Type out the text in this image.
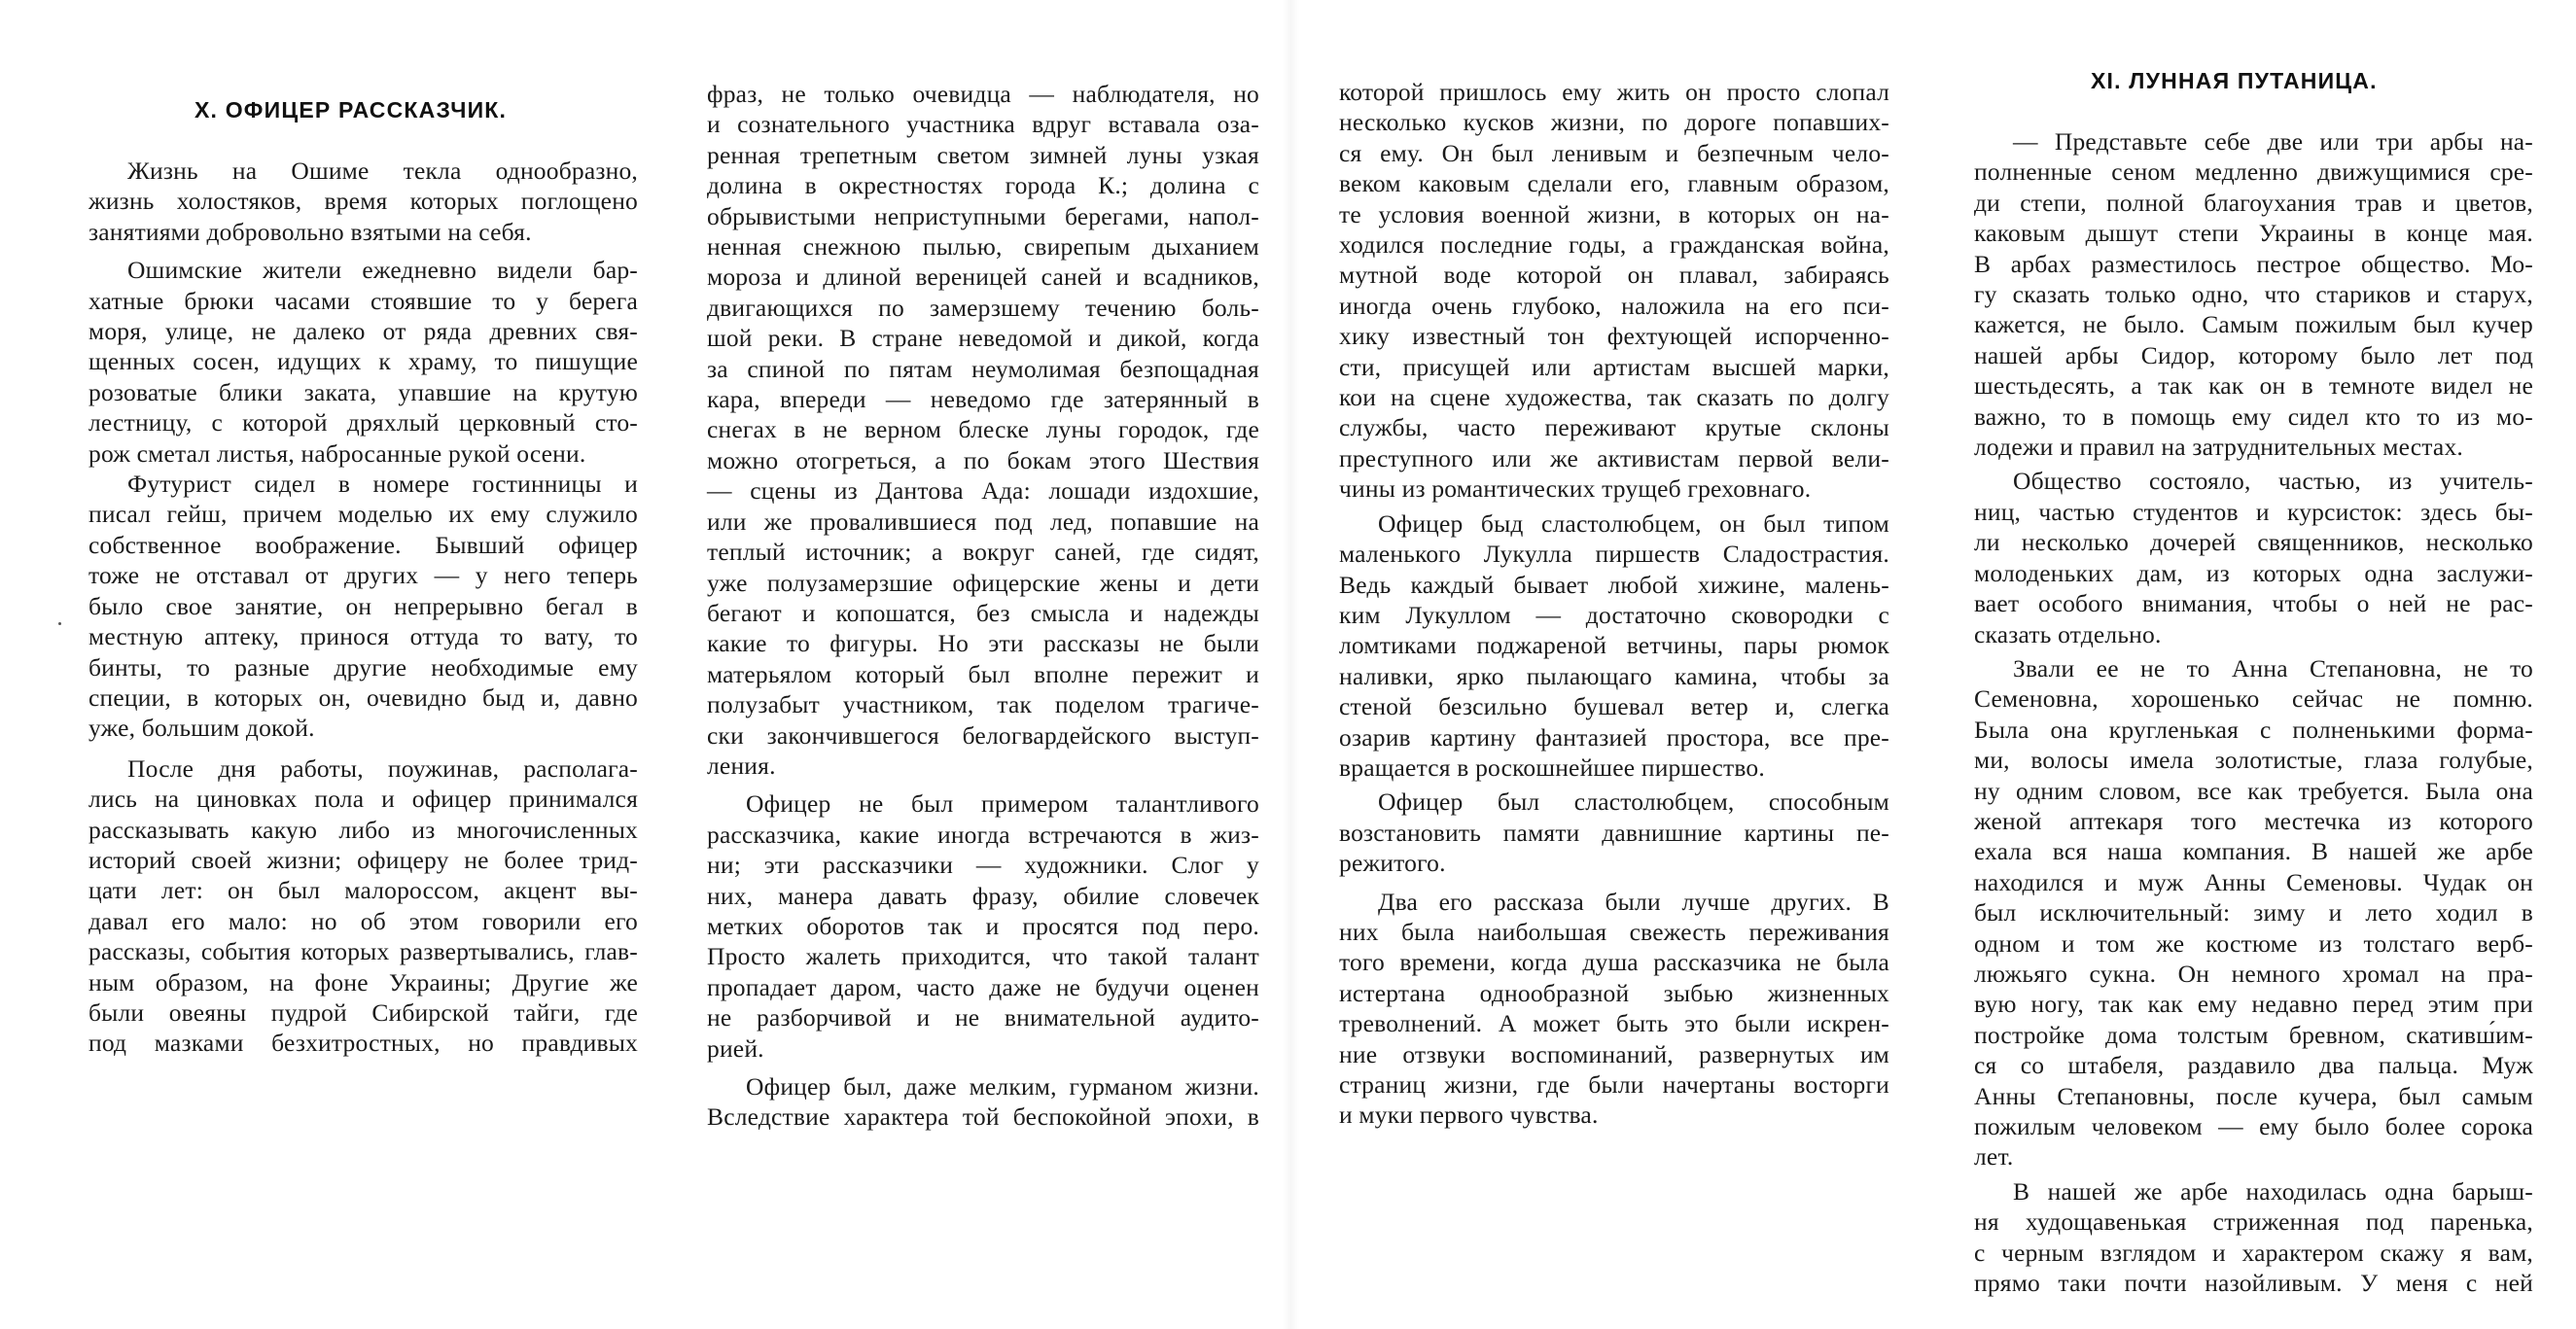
X. ОФИЦЕР РАССКАЗЧИК.
Жизнь на Ошиме текла однообразно,
жизнь холостяков, время которых поглощено
занятиями добровольно взятыми на себя.
Ошимские жители ежедневно видели бар-
хатные брюки часами стоявшие то у берега
моря, улице, не далеко от ряда древних свя-
щенных сосен, идущих к храму, то пишущие
розоватые блики заката, упавшие на крутую
лестницу, с которой дряхлый церковный сто-
рож сметал листья, набросанные рукой осени.
Футурист сидел в номере гостинницы и
писал гейш, причем моделью их ему служило
собственное воображение. Бывший офицер
тоже не отставал от других — у него теперь
было свое занятие, он непрерывно бегал в
местную аптеку, принося оттуда то вату, то
бинты, то разные другие необходимые ему
специи, в которых он, очевидно быд и, давно
уже, большим докой.
После дня работы, поужинав, располага-
лись на циновках пола и офицер принимался
рассказывать какую либо из многочисленных
историй своей жизни; офицеру не более трид-
цати лет: он был малороссом, акцент вы-
давал его мало: но об этом говорили его
рассказы, события которых развертывались, глав-
ным образом, на фоне Украины; Другие же
были овеяны пудрой Сибирской тайги, где
под мазками безхитростных, но правдивых
фраз, не только очевидца — наблюдателя, но
и сознательного участника вдруг вставала оза-
ренная трепетным светом зимней луны узкая
долина в окрестностях города К.; долина с
обрывистыми неприступными берегами, напол-
ненная снежною пылью, свирепым дыханием
мороза и длиной вереницей саней и всадников,
двигающихся по замерзшему течению боль-
шой реки. В стране неведомой и дикой, когда
за спиной по пятам неумолимая безпощадная
кара, впереди — неведомо где затерянный в
снегах в не верном блеске луны городок, где
можно отогреться, а по бокам этого Шествия
— сцены из Дантова Ада: лошади издохшие,
или же провалившиеся под лед, попавшие на
теплый источник; а вокруг саней, где сидят,
уже полузамерзшие офицерские жены и дети
бегают и копошатся, без смысла и надежды
какие то фигуры. Но эти рассказы не были
матерьялом который был вполне пережит и
полузабыт участником, так поделом трагиче-
ски закончившегося белогвардейского выступ-
ления.
Офицер не был примером талантливого
рассказчика, какие иногда встречаются в жиз-
ни; эти рассказчики — художники. Слог у
них, манера давать фразу, обилие словечек
метких оборотов так и просятся под перо.
Просто жалеть приходится, что такой талант
пропадает даром, часто даже не будучи оценен
не разборчивой и не внимательной аудито-
рией.
Офицер был, даже мелким, гурманом жизни.
Вследствие характера той беспокойной эпохи, в
которой пришлось ему жить он просто слопал
несколько кусков жизни, по дороге попавших-
ся ему. Он был ленивым и безпечным чело-
веком каковым сделали его, главным образом,
те условия военной жизни, в которых он на-
ходился последние годы, а гражданская война,
мутной воде которой он плавал, забираясь
иногда очень глубоко, наложила на его пси-
хику известный тон фехтующей испорченно-
сти, присущей или артистам высшей марки,
кои на сцене художества, так сказать по долгу
службы, часто переживают крутые склоны
преступного или же активистам первой вели-
чины из романтических трущеб греховнаго.
Офицер быд сластолюбцем, он был типом
маленького Лукулла пиршеств Сладострастия.
Ведь каждый бывает любой хижине, малень-
ким Лукуллом — достаточно сковородки с
ломтиками поджареной ветчины, пары рюмок
наливки, ярко пылающаго камина, чтобы за
стеной безсильно бушевал ветер и, слегка
озарив картину фантазией простора, все пре-
вращается в роскошнейшее пиршество.
Офицер был сластолюбцем, способным
возстановить памяти давнишние картины пе-
режитого.
Два его рассказа были лучше других. В
них была наибольшая свежесть переживания
того времени, когда душа рассказчика не была
истертана однообразной зыбью жизненных
треволнений. А может быть это были искрен-
ние отзвуки воспоминаний, развернутых им
страниц жизни, где были начертаны восторги
и муки первого чувства.
XI. ЛУННАЯ ПУТАНИЦА.
— Представьте себе две или три арбы на-
полненные сеном медленно движущимися сре-
ди степи, полной благоухания трав и цветов,
каковым дышут степи Украины в конце мая.
В арбах разместилось пестрое общество. Мо-
гу сказать только одно, что стариков и старух,
кажется, не было. Самым пожилым был кучер
нашей арбы Сидор, которому было лет под
шестьдесять, а так как он в темноте видел не
важно, то в помощь ему сидел кто то из мо-
лодежи и правил на затруднительных местах.
Общество состояло, частью, из учитель-
ниц, частью студентов и курсисток: здесь бы-
ли несколько дочерей священников, несколько
молоденьких дам, из которых одна заслужи-
вает особого внимания, чтобы о ней не рас-
сказать отдельно.
Звали ее не то Анна Степановна, не то
Семеновна, хорошенько сейчас не помню.
Была она кругленькая с полненькими форма-
ми, волосы имела золотистые, глаза голубые,
ну одним словом, все как требуется. Была она
женой аптекаря того местечка из которого
ехала вся наша компания. В нашей же арбе
находился и муж Анны Семеновы. Чудак он
был исключительный: зиму и лето ходил в
одном и том же костюме из толстаго верб-
люжьяго сукна. Он немного хромал на пра-
вую ногу, так как ему недавно перед этим при
постройке дома толстым бревном, скативш́им-
ся со штабеля, раздавило два пальца. Муж
Анны Степановны, после кучера, был самым
пожилым человеком — ему было более сорока
лет.
В нашей же арбе находилась одна барыш-
ня худощавенькая стриженная под паренька,
с черным взглядом и характером скажу я вам,
прямо таки почти назойливым. У меня с ней
